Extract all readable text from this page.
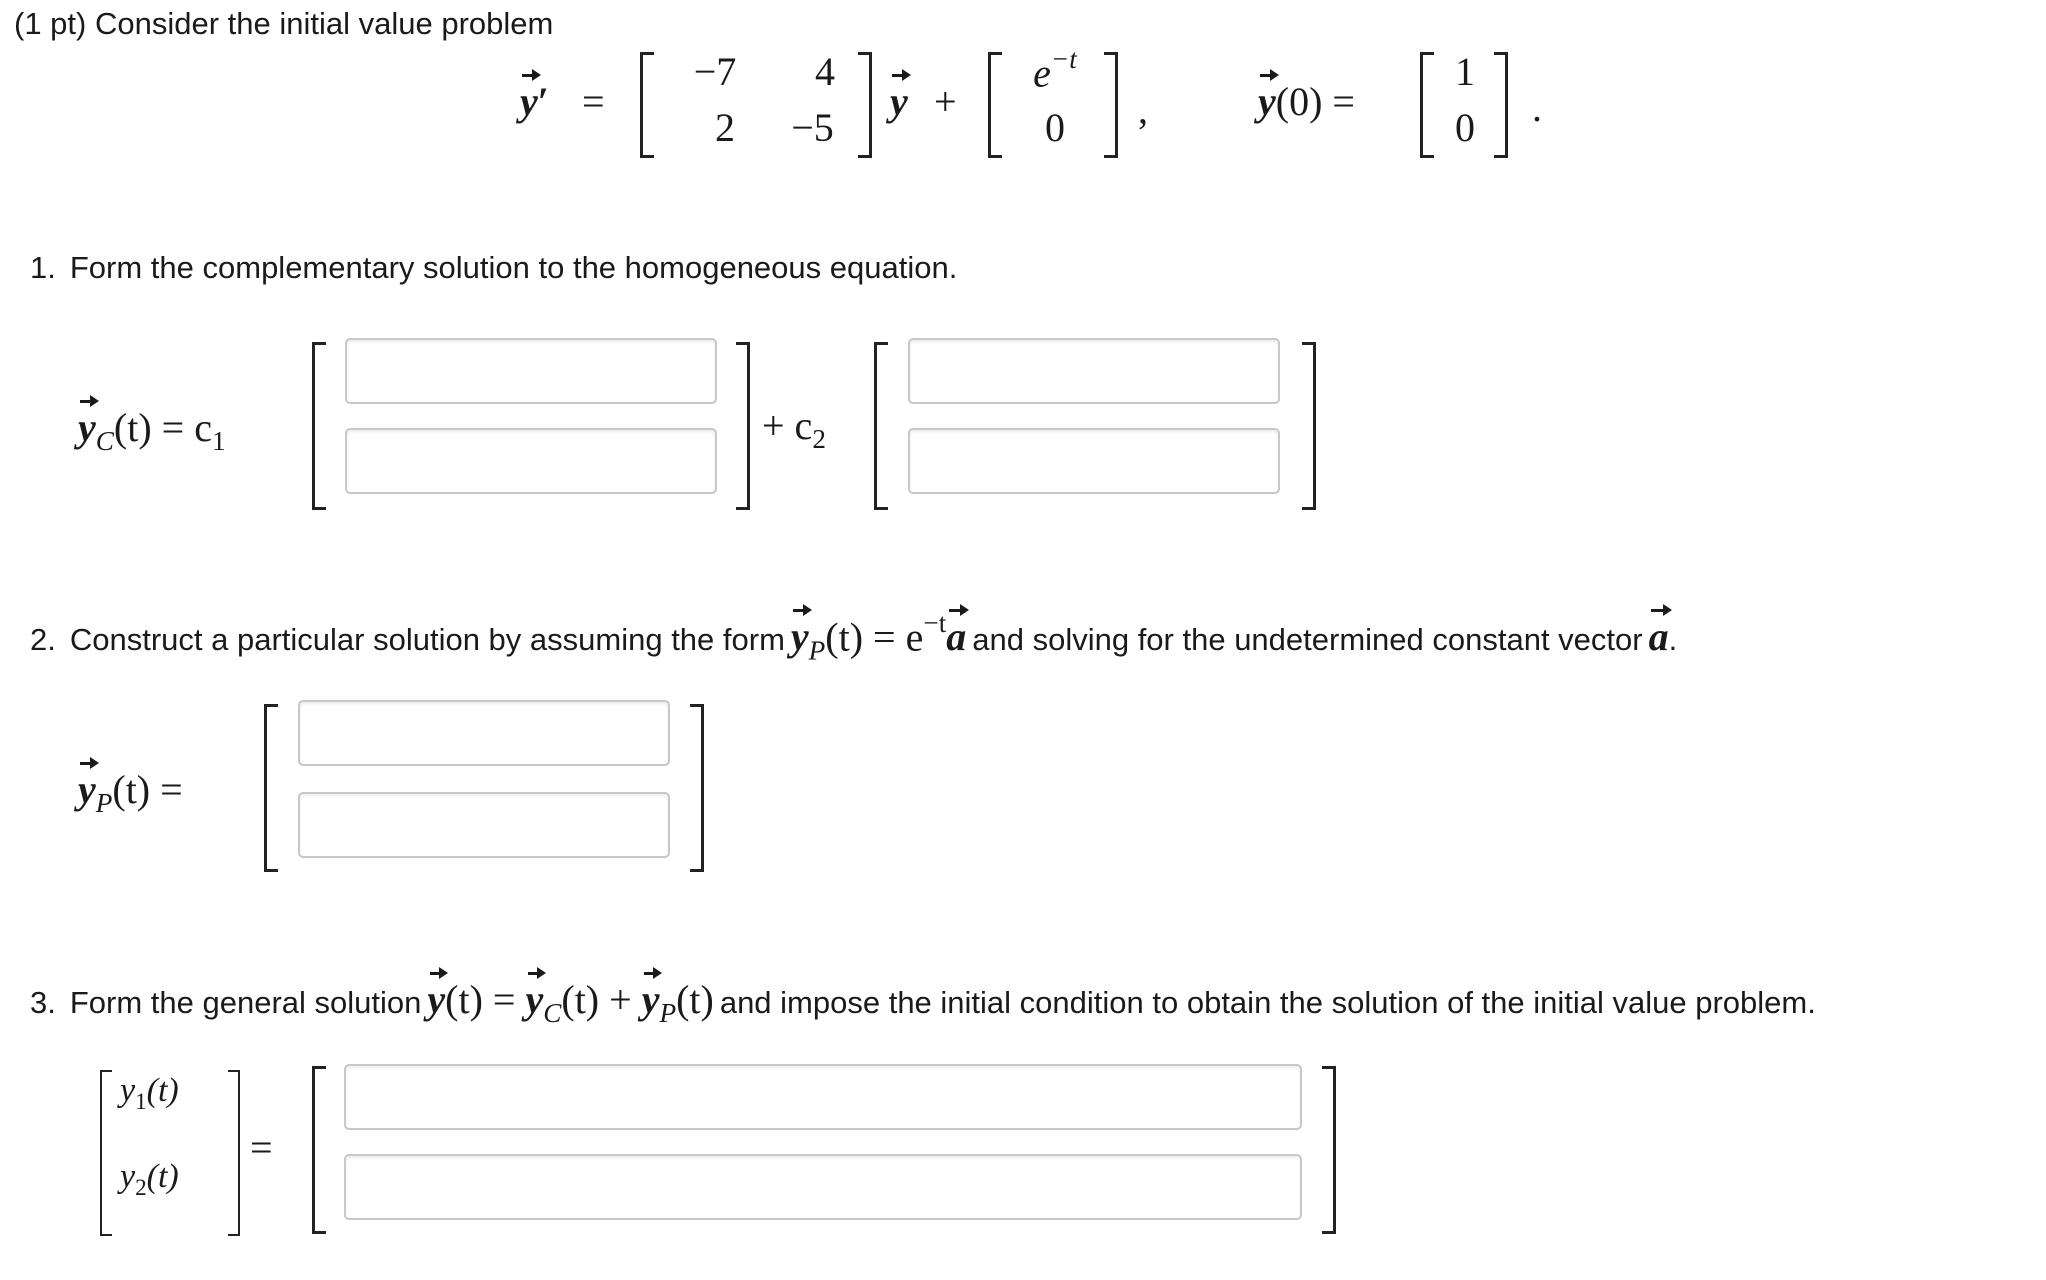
(1 pt) Consider the initial value problem
y′ =
−7	4
2	−5
y +
$e^{-t}$
0	,	y(0) =
1
0	.
1. Form the complementary solution to the homogeneous equation.
$y_C(t) = c_1$	+ $c_2$
2. Construct a particular solution by assuming the form $y_P(t) = e^{-t}a$ and solving for the undetermined constant vector a .
$y_P(t)$ =
3. Form the general solution $y(t) = y_C(t) + y_P(t)$ and impose the initial condition to obtain the solution of the initial value problem.
$y_1(t)$
$y_2(t)$
=
